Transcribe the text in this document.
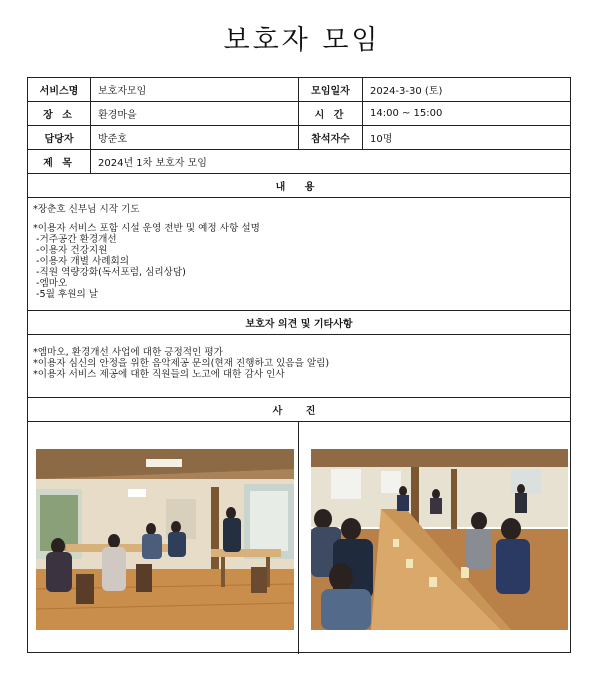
보호자 모임
서비스명	보호자모임	모임일자	2024-3-30 (토)
장 소	환경마을	시 간	14:00 ~ 15:00
담당자	방준호	참석자수	10명
제 목	2024년 1차 보호자 모임
내 용
*장춘호 신부님 시작 기도
*이용자 서비스 포함 시설 운영 전반 및 예정 사항 설명
-거주공간 환경개선
-이용자 건강지원
-이용자 개별 사례회의
-직원 역량강화(독서포럼, 심리상담)
-엠마오
-5월 후원의 날
보호자 의견 및 기타사항
*엠마오, 환경개선 사업에 대한 긍정적인 평가
*이용자 심신의 안정을 위한 음악제공 문의(현재 진행하고 있음을 알림)
*이용자 서비스 제공에 대한 직원들의 노고에 대한 감사 인사
사 진
